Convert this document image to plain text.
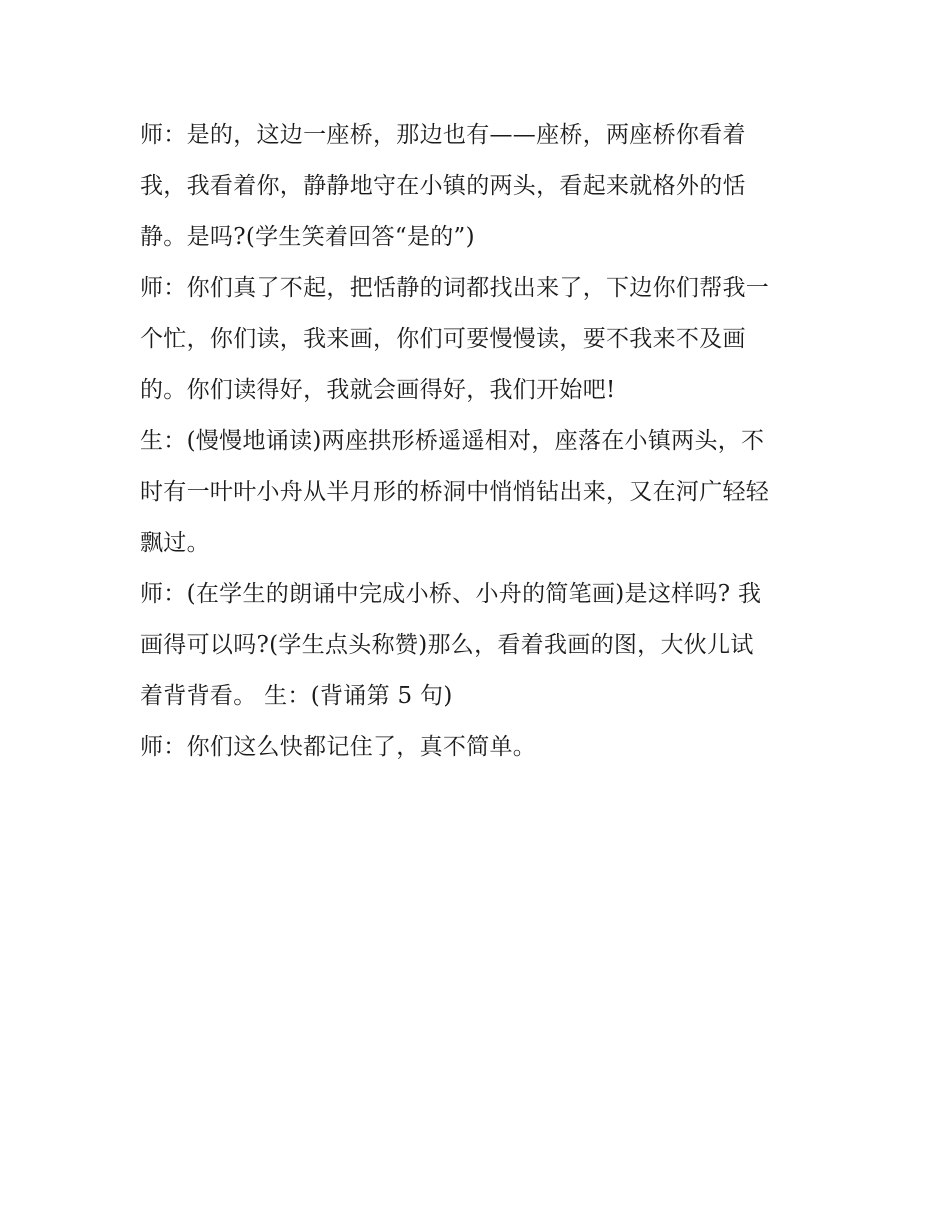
师：是的，这边一座桥，那边也有——座桥，两座桥你看着
我，我看着你，静静地守在小镇的两头，看起来就格外的恬
静。是吗?(学生笑着回答“是的”)
师：你们真了不起，把恬静的词都找出来了，下边你们帮我一
个忙，你们读，我来画，你们可要慢慢读，要不我来不及画
的。你们读得好，我就会画得好，我们开始吧!
生：(慢慢地诵读)两座拱形桥遥遥相对，座落在小镇两头，不
时有一叶叶小舟从半月形的桥洞中悄悄钻出来，又在河广轻轻
飘过。
师：(在学生的朗诵中完成小桥、小舟的简笔画)是这样吗? 我
画得可以吗?(学生点头称赞)那么，看着我画的图，大伙儿试
着背背看。 生：(背诵第 5 句)
师：你们这么快都记住了，真不简单。
